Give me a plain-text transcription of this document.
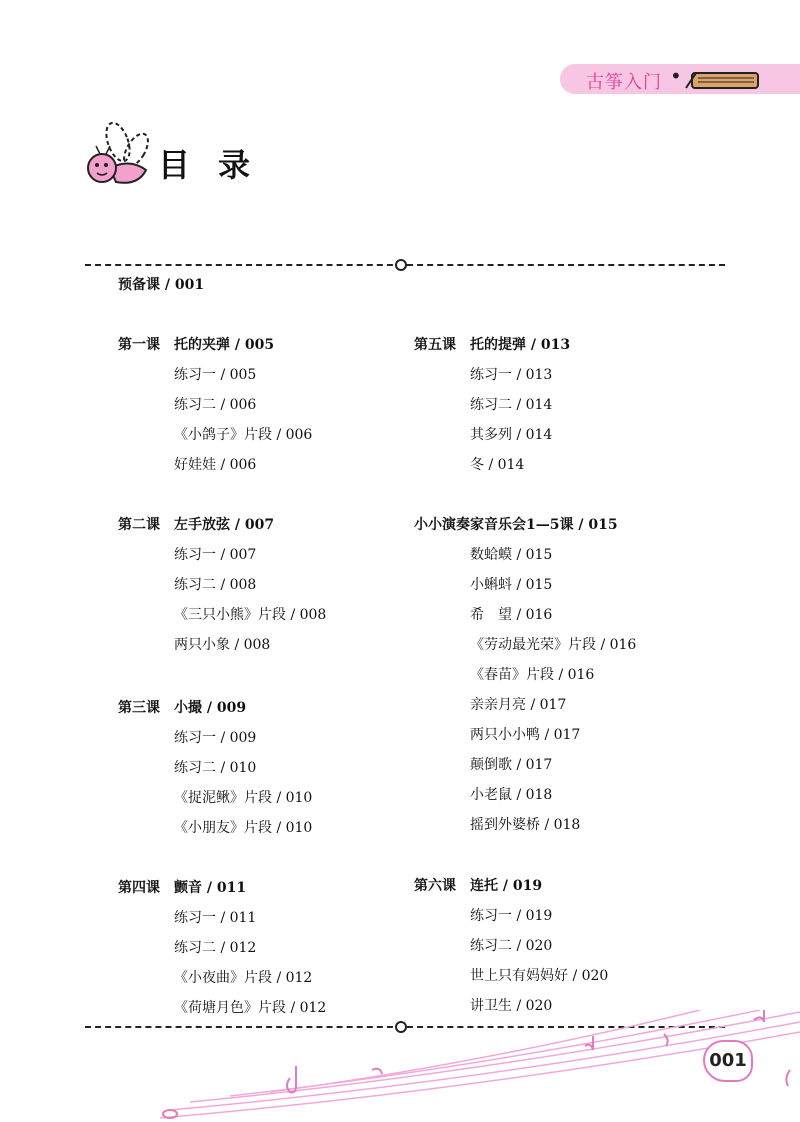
古筝入门 •
目录
预备课 / 001
第一课 托的夹弹 / 005
练习一 / 005
练习二 / 006
《小鸽子》片段 / 006
好娃娃 / 006
第二课 左手放弦 / 007
练习一 / 007
练习二 / 008
《三只小熊》片段 / 008
两只小象 / 008
第三课 小撮 / 009
练习一 / 009
练习二 / 010
《捉泥鳅》片段 / 010
《小朋友》片段 / 010
第四课 颤音 / 011
练习一 / 011
练习二 / 012
《小夜曲》片段 / 012
《荷塘月色》片段 / 012
第五课 托的提弹 / 013
练习一 / 013
练习二 / 014
其多列 / 014
冬 / 014
小小演奏家音乐会1—5课 / 015
数蛤蟆 / 015
小蝌蚪 / 015
希　望 / 016
《劳动最光荣》片段 / 016
《春苗》片段 / 016
亲亲月亮 / 017
两只小小鸭 / 017
颠倒歌 / 017
小老鼠 / 018
摇到外婆桥 / 018
第六课 连托 / 019
练习一 / 019
练习二 / 020
世上只有妈妈好 / 020
讲卫生 / 020
001
